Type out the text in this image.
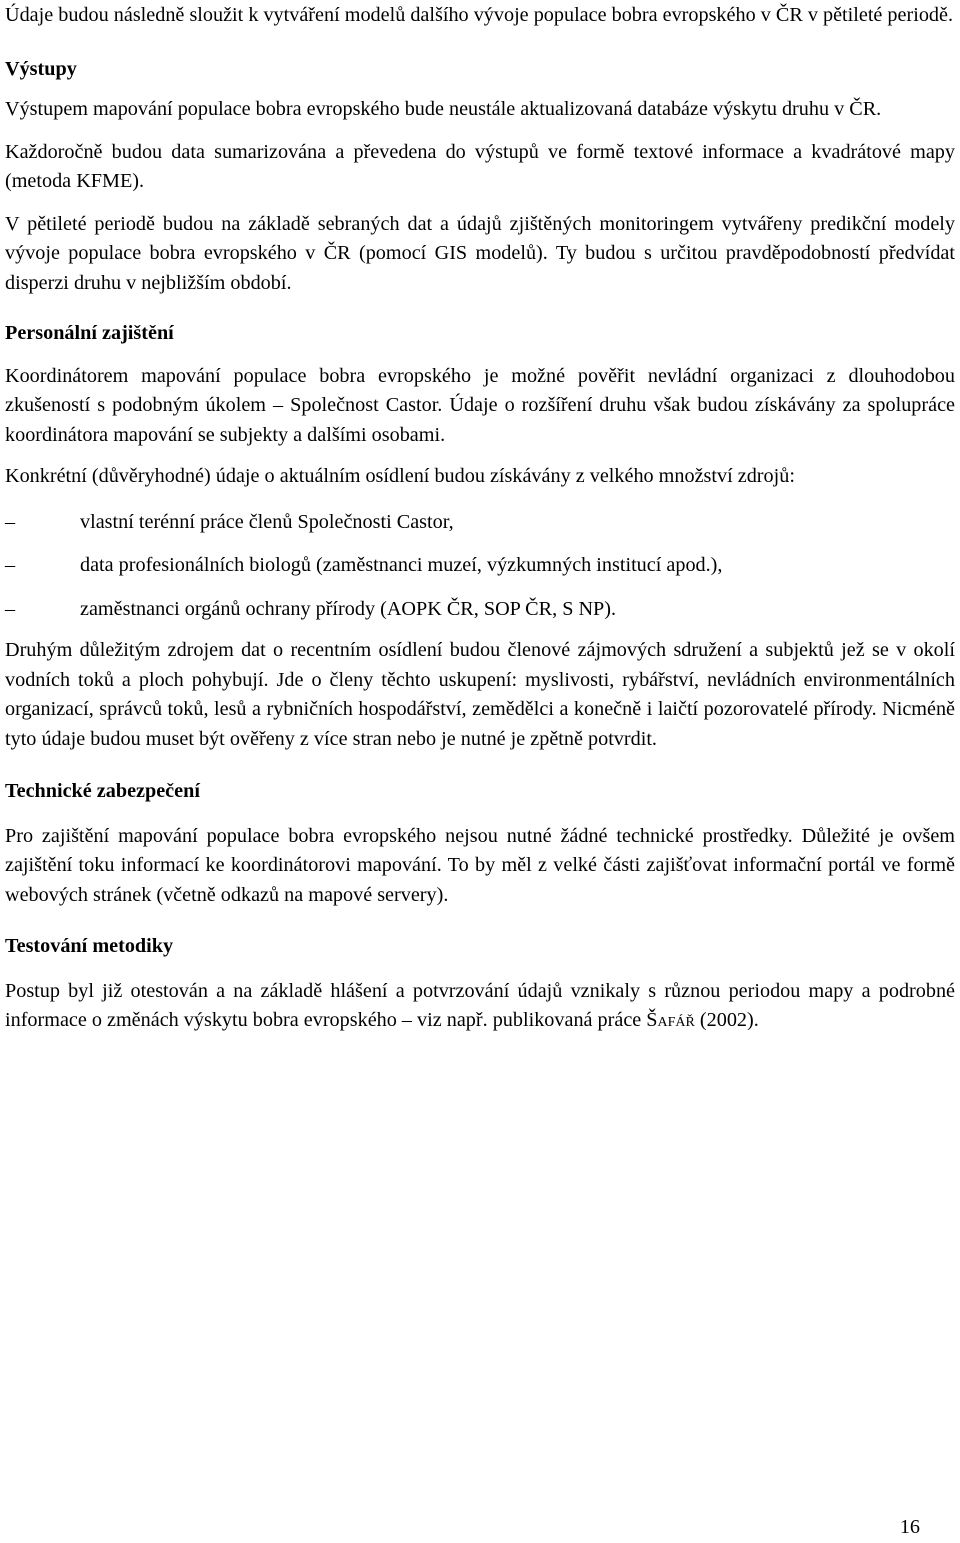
Údaje budou následně sloužit k vytváření modelů dalšího vývoje populace bobra evropského v ČR v pětileté periodě.

Výstupy

Výstupem mapování populace bobra evropského bude neustále aktualizovaná databáze výskytu druhu v ČR.

Každoročně budou data sumarizována a převedena do výstupů ve formě textové informace a kvadrátové mapy (metoda KFME).

V pětileté periodě budou na základě sebraných dat a údajů zjištěných monitoringem vytvářeny predikční modely vývoje populace bobra evropského v ČR (pomocí GIS modelů). Ty budou s určitou pravděpodobností předvídat disperzi druhu v nejbližším období.

Personální zajištění

Koordinátorem mapování populace bobra evropského je možné pověřit nevládní organizaci z dlouhodobou zkušeností s podobným úkolem – Společnost Castor. Údaje o rozšíření druhu však budou získávány za spolupráce koordinátora mapování se subjekty a dalšími osobami.

Konkrétní (důvěryhodné) údaje o aktuálním osídlení budou získávány z velkého množství zdrojů:

–	vlastní terénní práce členů Společnosti Castor,
–	data profesionálních biologů (zaměstnanci muzeí, výzkumných institucí apod.),
–	zaměstnanci orgánů ochrany přírody (AOPK ČR, SOP ČR, S NP).

Druhým důležitým zdrojem dat o recentním osídlení budou členové zájmových sdružení a subjektů jež se v okolí vodních toků a ploch pohybují. Jde o členy těchto uskupení: myslivosti, rybářství, nevládních environmentálních organizací, správců toků, lesů a rybničních hospodářství, zemědělci a konečně i laičtí pozorovatelé přírody. Nicméně tyto údaje budou muset být ověřeny z více stran nebo je nutné je zpětně potvrdit.

Technické zabezpečení

Pro zajištění mapování populace bobra evropského nejsou nutné žádné technické prostředky. Důležité je ovšem zajištění toku informací ke koordinátorovi mapování. To by měl z velké části zajišťovat informační portál ve formě webových stránek (včetně odkazů na mapové servery).

Testování metodiky

Postup byl již otestován a na základě hlášení a potvrzování údajů vznikaly s různou periodou mapy a podrobné informace o změnách výskytu bobra evropského – viz např. publikovaná práce Šafář (2002).

16
